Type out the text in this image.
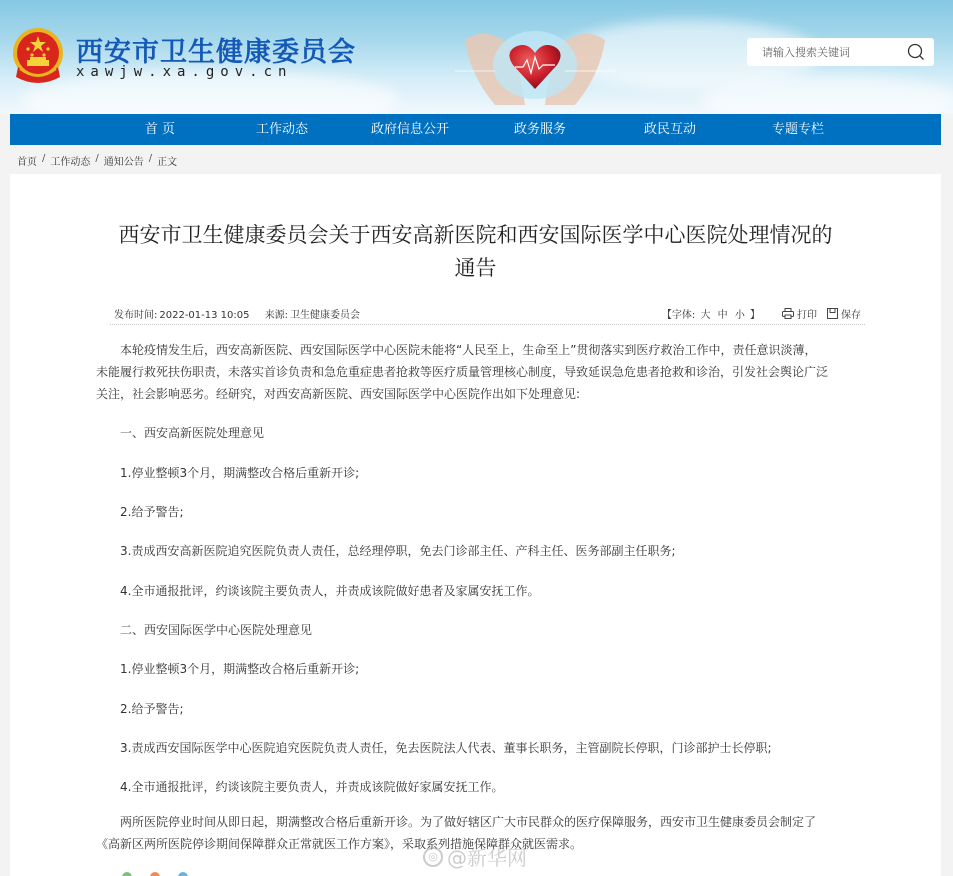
西安市卫生健康委员会
xawjw.xa.gov.cn
请输入搜索关键词
首 页	工作动态	政府信息公开	政务服务	政民互动	专题专栏
首页 / 工作动态 / 通知公告 / 正文
西安市卫生健康委员会关于西安高新医院和西安国际医学中心医院处理情况的
通告
发布时间: 2022-01-13 10:05 来源: 卫生健康委员会	【字体: 大 中 小 】	打印 保存
本轮疫情发生后，西安高新医院、西安国际医学中心医院未能将“人民至上，生命至上”贯彻落实到医疗救治工作中，责任意识淡薄，
未能履行救死扶伤职责，未落实首诊负责和急危重症患者抢救等医疗质量管理核心制度，导致延误急危患者抢救和诊治，引发社会舆论广泛
关注，社会影响恶劣。经研究，对西安高新医院、西安国际医学中心医院作出如下处理意见:
一、西安高新医院处理意见
1.停业整顿3个月，期满整改合格后重新开诊;
2.给予警告;
3.责成西安高新医院追究医院负责人责任，总经理停职，免去门诊部主任、产科主任、医务部副主任职务;
4.全市通报批评，约谈该院主要负责人，并责成该院做好患者及家属安抚工作。
二、西安国际医学中心医院处理意见
1.停业整顿3个月，期满整改合格后重新开诊;
2.给予警告;
3.责成西安国际医学中心医院追究医院负责人责任，免去医院法人代表、董事长职务，主管副院长停职，门诊部护士长停职;
4.全市通报批评，约谈该院主要负责人，并责成该院做好家属安抚工作。
两所医院停业时间从即日起，期满整改合格后重新开诊。为了做好辖区广大市民群众的医疗保障服务，西安市卫生健康委员会制定了
《高新区两所医院停诊期间保障群众正常就医工作方案》，采取系列措施保障群众就医需求。
◎ @新华网
